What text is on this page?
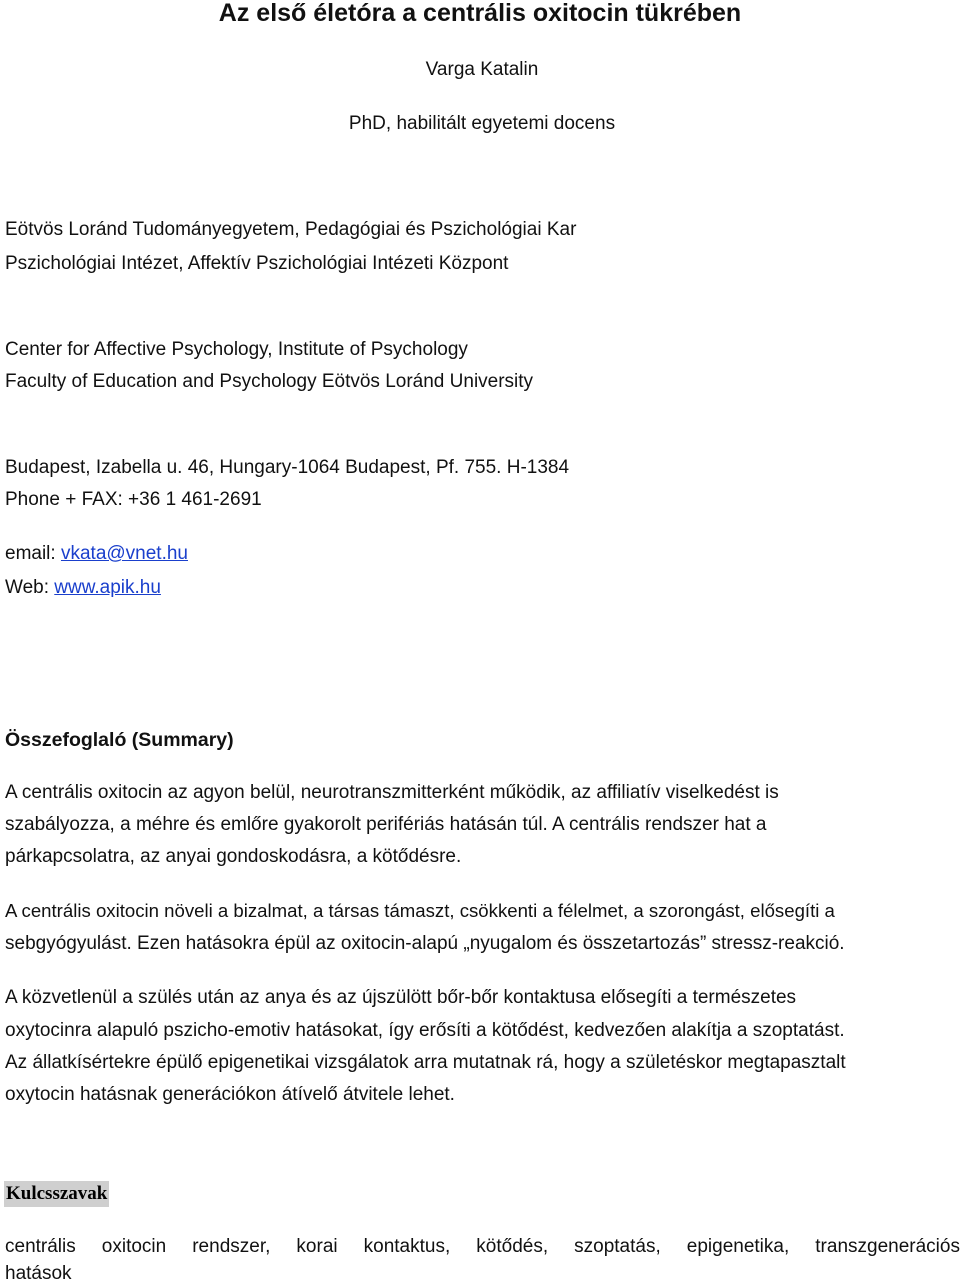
Az első életóra a centrális oxitocin tükrében
Varga Katalin
PhD, habilitált egyetemi docens
Eötvös Loránd Tudományegyetem, Pedagógiai és Pszichológiai Kar
Pszichológiai Intézet, Affektív Pszichológiai Intézeti Központ
Center for Affective Psychology, Institute of Psychology
Faculty of Education and Psychology Eötvös Loránd University
Budapest, Izabella u. 46, Hungary-1064 Budapest, Pf. 755. H-1384
Phone + FAX: +36 1 461-2691
email: vkata@vnet.hu
Web: www.apik.hu
Összefoglaló (Summary)
A centrális oxitocin az agyon belül, neurotranszmitterként működik, az affiliatív viselkedést is
szabályozza, a méhre és emlőre gyakorolt perifériás hatásán túl. A centrális rendszer hat a
párkapcsolatra, az anyai gondoskodásra, a kötődésre.
A centrális oxitocin növeli a bizalmat, a társas támaszt, csökkenti a félelmet, a szorongást, elősegíti a
sebgyógyulást. Ezen hatásokra épül az oxitocin-alapú „nyugalom és összetartozás” stressz-reakció.
A közvetlenül a szülés után az anya és az újszülött bőr-bőr kontaktusa elősegíti a természetes
oxytocinra alapuló pszicho-emotiv hatásokat, így erősíti a kötődést, kedvezően alakítja a szoptatást.
Az állatkísértekre épülő epigenetikai vizsgálatok arra mutatnak rá, hogy a születéskor megtapasztalt
oxytocin hatásnak generációkon átívelő átvitele lehet.
Kulcsszavak
centrális oxitocin rendszer, korai kontaktus, kötődés, szoptatás, epigenetika, transzgenerációs
hatások
